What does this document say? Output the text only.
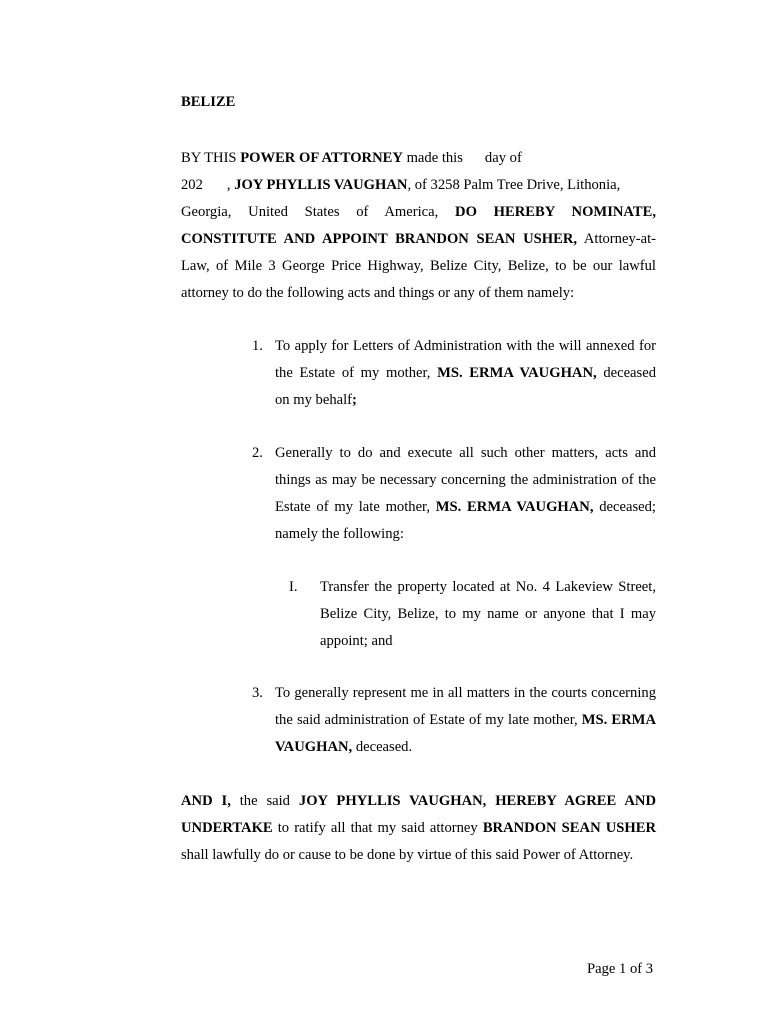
BELIZE
BY THIS POWER OF ATTORNEY made this day of
202 , JOY PHYLLIS VAUGHAN, of 3258 Palm Tree Drive, Lithonia,
Georgia, United States of America, DO HEREBY NOMINATE,
CONSTITUTE AND APPOINT BRANDON SEAN USHER, Attorney-at-
Law, of Mile 3 George Price Highway, Belize City, Belize, to be our lawful
attorney to do the following acts and things or any of them namely:
1. To apply for Letters of Administration with the will annexed for
the Estate of my mother, MS. ERMA VAUGHAN, deceased
on my behalf;
2. Generally to do and execute all such other matters, acts and
things as may be necessary concerning the administration of the
Estate of my late mother, MS. ERMA VAUGHAN, deceased;
namely the following:
I. Transfer the property located at No. 4 Lakeview Street,
Belize City, Belize, to my name or anyone that I may
appoint; and
3. To generally represent me in all matters in the courts concerning
the said administration of Estate of my late mother, MS. ERMA
VAUGHAN, deceased.
AND I, the said JOY PHYLLIS VAUGHAN, HEREBY AGREE AND
UNDERTAKE to ratify all that my said attorney BRANDON SEAN USHER
shall lawfully do or cause to be done by virtue of this said Power of Attorney.
Page 1 of 3
